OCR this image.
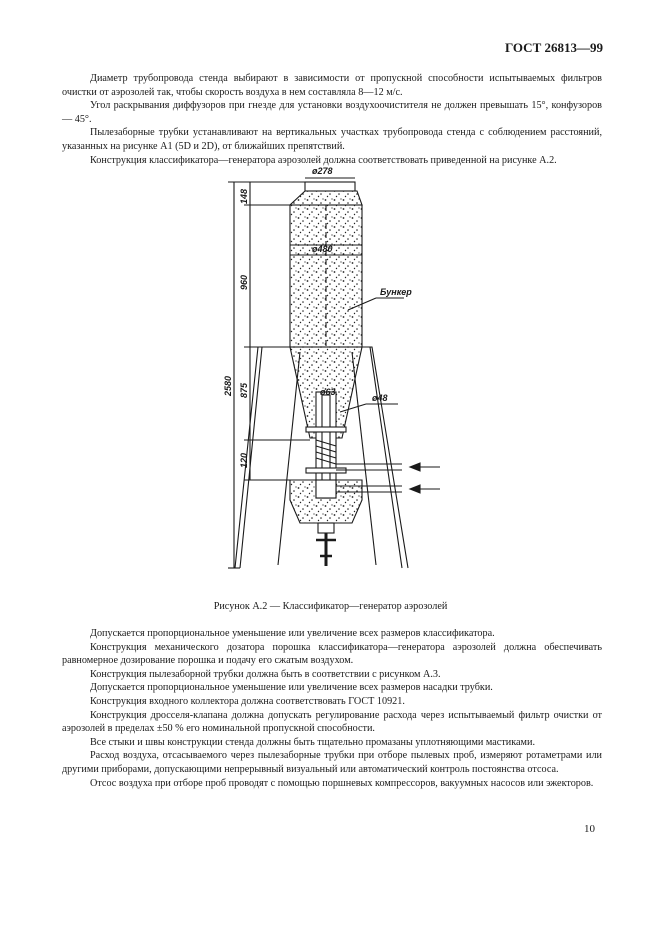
ГОСТ 26813—99

Диаметр трубопровода стенда выбирают в зависимости от пропускной способности испытываемых фильтров очистки от аэрозолей так, чтобы скорость воздуха в нем составляла 8—12 м/с.

Угол раскрывания диффузоров при гнезде для установки воздухоочистителя не должен превышать 15°, конфузоров — 45°.

Пылезаборные трубки устанавливают на вертикальных участках трубопровода стенда с соблюдением расстояний, указанных на рисунке А1 (5D и 2D), от ближайших препятствий.

Конструкция классификатора—генератора аэрозолей должна соответствовать приведенной на рисунке А.2.

ø278
148
ø480
960
2580 875
120
ø63
ø48
Бункер
Рисунок А.2 — Классификатор—генератор аэрозолей

Допускается пропорциональное уменьшение или увеличение всех размеров классификатора.

Конструкция механического дозатора порошка классификатора—генератора аэрозолей должна обеспечивать равномерное дозирование порошка и подачу его сжатым воздухом.

Конструкция пылезаборной трубки должна быть в соответствии с рисунком А.3.

Допускается пропорциональное уменьшение или увеличение всех размеров насадки трубки.

Конструкция входного коллектора должна соответствовать ГОСТ 10921.

Конструкция дросселя-клапана должна допускать регулирование расхода через испытываемый фильтр очистки от аэрозолей в пределах ±50 % его номинальной пропускной способности.

Все стыки и швы конструкции стенда должны быть тщательно промазаны уплотняющими мастиками.

Расход воздуха, отсасываемого через пылезаборные трубки при отборе пылевых проб, измеряют ротаметрами или другими приборами, допускающими непрерывный визуальный или автоматический контроль постоянства отсоса.

Отсос воздуха при отборе проб проводят с помощью поршневых компрессоров, вакуумных насосов или эжекторов.

10
